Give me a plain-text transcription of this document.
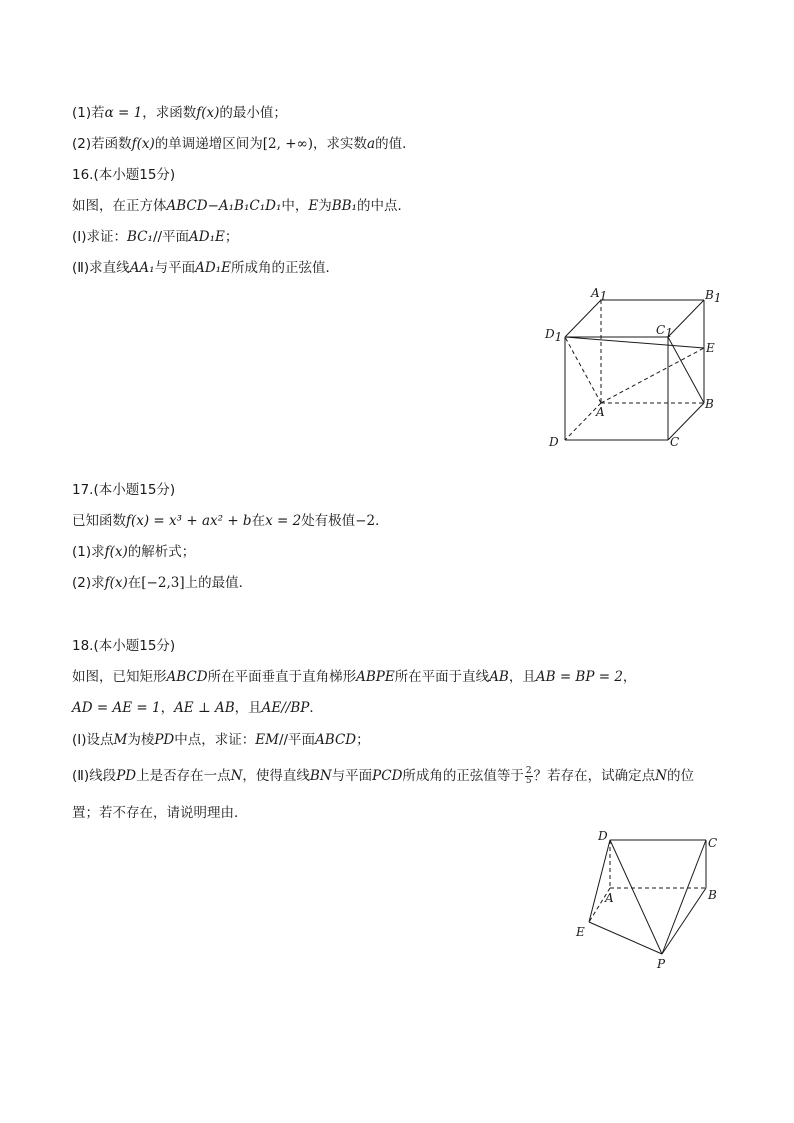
(1)若α = 1，求函数f(x)的最小值；
(2)若函数f(x)的单调递增区间为[2, +∞)，求实数a的值．
16.(本小题15分)
如图，在正方体ABCD−A₁B₁C₁D₁中，E为BB₁的中点．
(Ⅰ)求证：BC₁//平面AD₁E；
(Ⅱ)求直线AA₁与平面AD₁E所成角的正弦值．
A1	B1
C1
D1
E
A
B
C
D
17.(本小题15分)
已知函数f(x) = x³ + ax² + b在x = 2处有极值−2．
(1)求f(x)的解析式；
(2)求f(x)在[−2,3]上的最值．
18.(本小题15分)
如图，已知矩形ABCD所在平面垂直于直角梯形ABPE所在平面于直线AB，且AB = BP = 2，
AD = AE = 1，AE ⊥ AB，且AE//BP．
(Ⅰ)设点M为棱PD中点，求证：EM//平面ABCD；
(Ⅱ)线段PD上是否存在一点N，使得直线BN与平面PCD所成角的正弦值等于 $\frac{2}{5}$ ？若存在，试确定点N的位
置；若不存在，请说明理由．
D	C
A	B
E
P
